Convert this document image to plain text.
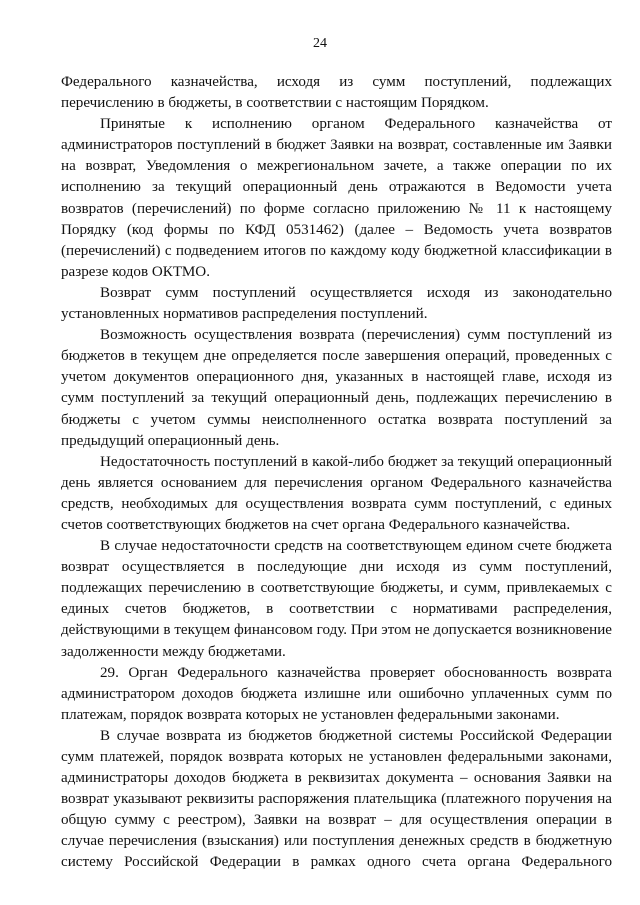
24

Федерального казначейства, исходя из сумм поступлений, подлежащих перечислению в бюджеты, в соответствии с настоящим Порядком.

Принятые к исполнению органом Федерального казначейства от администраторов поступлений в бюджет Заявки на возврат, составленные им Заявки на возврат, Уведомления о межрегиональном зачете, а также операции по их исполнению за текущий операционный день отражаются в Ведомости учета возвратов (перечислений) по форме согласно приложению № 11 к настоящему Порядку (код формы по КФД 0531462) (далее – Ведомость учета возвратов (перечислений) с подведением итогов по каждому коду бюджетной классификации в разрезе кодов ОКТМО.

Возврат сумм поступлений осуществляется исходя из законодательно установленных нормативов распределения поступлений.

Возможность осуществления возврата (перечисления) сумм поступлений из бюджетов в текущем дне определяется после завершения операций, проведенных с учетом документов операционного дня, указанных в настоящей главе, исходя из сумм поступлений за текущий операционный день, подлежащих перечислению в бюджеты с учетом суммы неисполненного остатка возврата поступлений за предыдущий операционный день.

Недостаточность поступлений в какой-либо бюджет за текущий операционный день является основанием для перечисления органом Федерального казначейства средств, необходимых для осуществления возврата сумм поступлений, с единых счетов соответствующих бюджетов на счет органа Федерального казначейства.

В случае недостаточности средств на соответствующем едином счете бюджета возврат осуществляется в последующие дни исходя из сумм поступлений, подлежащих перечислению в соответствующие бюджеты, и сумм, привлекаемых с единых счетов бюджетов, в соответствии с нормативами распределения, действующими в текущем финансовом году. При этом не допускается возникновение задолженности между бюджетами.

29. Орган Федерального казначейства проверяет обоснованность возврата администратором доходов бюджета излишне или ошибочно уплаченных сумм по платежам, порядок возврата которых не установлен федеральными законами.

В случае возврата из бюджетов бюджетной системы Российской Федерации сумм платежей, порядок возврата которых не установлен федеральными законами, администраторы доходов бюджета в реквизитах документа – основания Заявки на возврат указывают реквизиты распоряжения плательщика (платежного поручения на общую сумму с реестром), Заявки на возврат – для осуществления операции в случае перечисления (взыскания) или поступления денежных средств в бюджетную систему Российской Федерации в рамках одного счета органа Федерального
